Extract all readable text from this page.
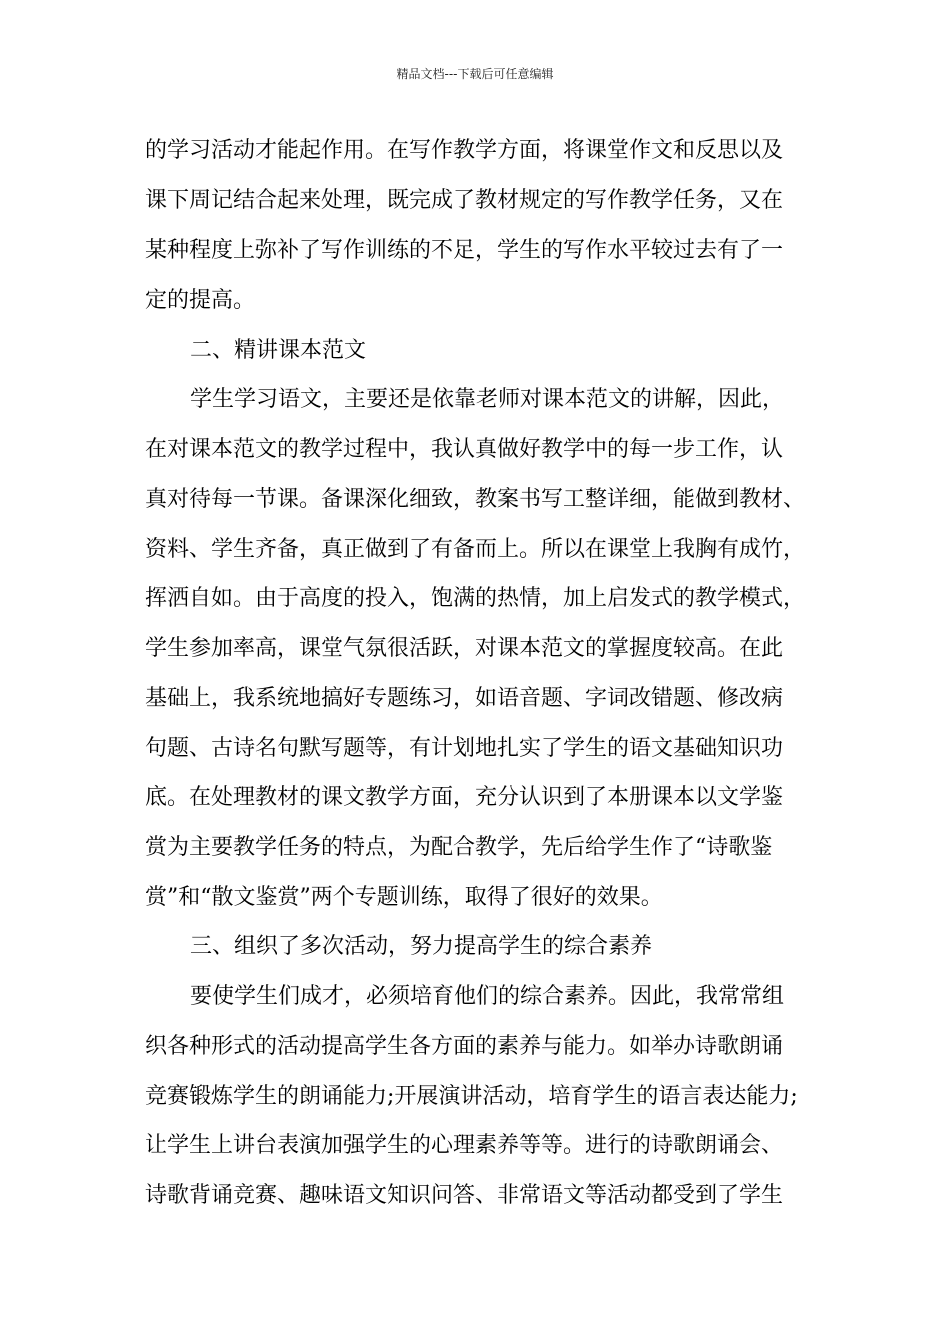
精品文档---下载后可任意编辑
的学习活动才能起作用。在写作教学方面，将课堂作文和反思以及
课下周记结合起来处理，既完成了教材规定的写作教学任务，又在
某种程度上弥补了写作训练的不足，学生的写作水平较过去有了一
定的提高。
二、精讲课本范文
学生学习语文，主要还是依靠老师对课本范文的讲解，因此，
在对课本范文的教学过程中，我认真做好教学中的每一步工作，认
真对待每一节课。备课深化细致，教案书写工整详细，能做到教材、
资料、学生齐备，真正做到了有备而上。所以在课堂上我胸有成竹，
挥洒自如。由于高度的投入，饱满的热情，加上启发式的教学模式，
学生参加率高，课堂气氛很活跃，对课本范文的掌握度较高。在此
基础上，我系统地搞好专题练习，如语音题、字词改错题、修改病
句题、古诗名句默写题等，有计划地扎实了学生的语文基础知识功
底。在处理教材的课文教学方面，充分认识到了本册课本以文学鉴
赏为主要教学任务的特点，为配合教学，先后给学生作了“诗歌鉴
赏”和“散文鉴赏”两个专题训练，取得了很好的效果。
三、组织了多次活动，努力提高学生的综合素养
要使学生们成才，必须培育他们的综合素养。因此，我常常组
织各种形式的活动提高学生各方面的素养与能力。如举办诗歌朗诵
竞赛锻炼学生的朗诵能力;开展演讲活动，培育学生的语言表达能力;
让学生上讲台表演加强学生的心理素养等等。进行的诗歌朗诵会、
诗歌背诵竞赛、趣味语文知识问答、非常语文等活动都受到了学生
